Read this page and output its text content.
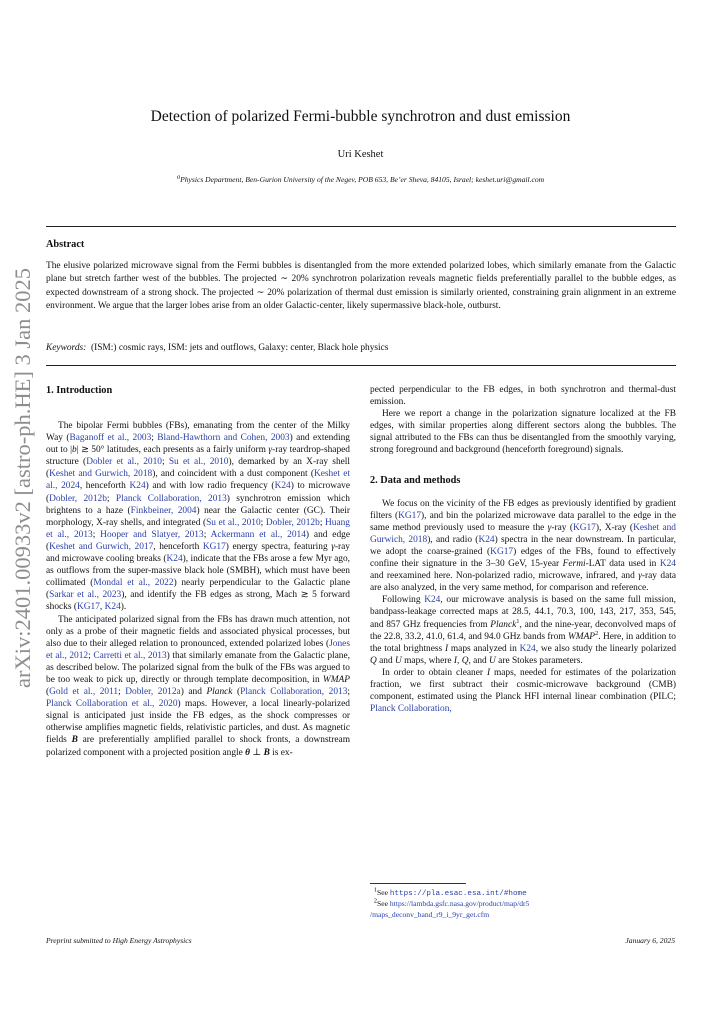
arXiv:2401.00933v2 [astro-ph.HE] 3 Jan 2025
Detection of polarized Fermi-bubble synchrotron and dust emission
Uri Keshet
$^a$Physics Department, Ben-Gurion University of the Negev, POB 653, Be’er Sheva, 84105, Israel; keshet.uri@gmail.com
Abstract
The elusive polarized microwave signal from the Fermi bubbles is disentangled from the more extended polarized lobes, which similarly emanate from the Galactic plane but stretch farther west of the bubbles. The projected ∼ 20% synchrotron polarization reveals magnetic fields preferentially parallel to the bubble edges, as expected downstream of a strong shock. The projected ∼ 20% polarization of thermal dust emission is similarly oriented, constraining grain alignment in an extreme environment. We argue that the larger lobes arise from an older Galactic-center, likely supermassive black-hole, outburst.
Keywords: (ISM:) cosmic rays, ISM: jets and outflows, Galaxy: center, Black hole physics
1. Introduction

The bipolar Fermi bubbles (FBs), emanating from the center of the Milky Way (Baganoff et al., 2003; Bland-Hawthorn and Cohen, 2003) and extending out to |b| ≳ 50° latitudes, each presents as a fairly uniform γ-ray teardrop-shaped structure (Dobler et al., 2010; Su et al., 2010), demarked by an X-ray shell (Keshet and Gurwich, 2018), and coincident with a dust component (Keshet et al., 2024, henceforth K24) and with low radio frequency (K24) to microwave (Dobler, 2012b; Planck Collaboration, 2013) synchrotron emission which brightens to a haze (Finkbeiner, 2004) near the Galactic center (GC). Their morphology, X-ray shells, and integrated (Su et al., 2010; Dobler, 2012b; Huang et al., 2013; Hooper and Slatyer, 2013; Ackermann et al., 2014) and edge (Keshet and Gurwich, 2017, henceforth KG17) energy spectra, featuring γ-ray and microwave cooling breaks (K24), indicate that the FBs arose a few Myr ago, as outflows from the super-massive black hole (SMBH), which must have been collimated (Mondal et al., 2022) nearly perpendicular to the Galactic plane (Sarkar et al., 2023), and identify the FB edges as strong, Mach ≳ 5 forward shocks (KG17, K24).

The anticipated polarized signal from the FBs has drawn much attention, not only as a probe of their magnetic fields and associated physical processes, but also due to their alleged relation to pronounced, extended polarized lobes (Jones et al., 2012; Carretti et al., 2013) that similarly emanate from the Galactic plane, as described below. The polarized signal from the bulk of the FBs was argued to be too weak to pick up, directly or through template decomposition, in WMAP (Gold et al., 2011; Dobler, 2012a) and Planck (Planck Collaboration, 2013; Planck Collaboration et al., 2020) maps. However, a local linearly-polarized signal is anticipated just inside the FB edges, as the shock compresses or otherwise amplifies magnetic fields, relativistic particles, and dust. As magnetic fields B are preferentially amplified parallel to shock fronts, a downstream polarized component with a projected position angle θ ⊥ B is ex-

pected perpendicular to the FB edges, in both synchrotron and thermal-dust emission.

Here we report a change in the polarization signature localized at the FB edges, with similar properties along different sectors along the bubbles. The signal attributed to the FBs can thus be disentangled from the smoothly varying, strong foreground and background (henceforth foreground) signals.

2. Data and methods

We focus on the vicinity of the FB edges as previously identified by gradient filters (KG17), and bin the polarized microwave data parallel to the edge in the same method previously used to measure the γ-ray (KG17), X-ray (Keshet and Gurwich, 2018), and radio (K24) spectra in the near downstream. In particular, we adopt the coarse-grained (KG17) edges of the FBs, found to effectively confine their signature in the 3–30 GeV, 15-year Fermi-LAT data used in K24 and reexamined here. Non-polarized radio, microwave, infrared, and γ-ray data are also analyzed, in the very same method, for comparison and reference.

Following K24, our microwave analysis is based on the same full mission, bandpass-leakage corrected maps at 28.5, 44.1, 70.3, 100, 143, 217, 353, 545, and 857 GHz frequencies from Planck$^1$, and the nine-year, deconvolved maps of the 22.8, 33.2, 41.0, 61.4, and 94.0 GHz bands from WMAP$^2$. Here, in addition to the total brightness I maps analyzed in K24, we also study the linearly polarized Q and U maps, where I, Q, and U are Stokes parameters.

In order to obtain cleaner I maps, needed for estimates of the polarization fraction, we first subtract their cosmic-microwave background (CMB) component, estimated using the Planck HFI internal linear combination (PILC; Planck Collaboration,

$^1$See https://pla.esac.esa.int/#home
$^2$See https://lambda.gsfc.nasa.gov/product/map/dr5
/maps_deconv_band_r9_i_9yr_get.cfm
Preprint submitted to High Energy Astrophysics	January 6, 2025
